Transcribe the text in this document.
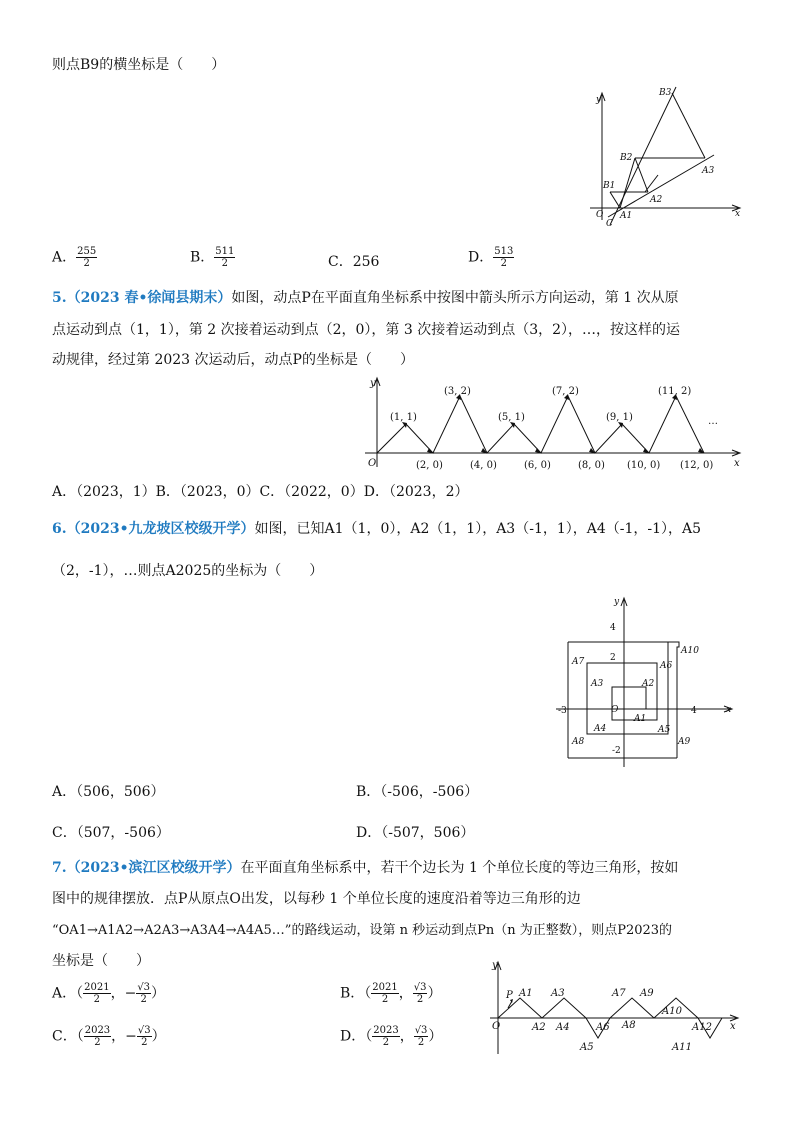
则点B9的横坐标是（　　）
y
x
O
C
B1
B2
B3
A1
A2
A3
A． $\frac{255}{2}$	B． $\frac{511}{2}$	C．256	D． $\frac{513}{2}$
5.（2023 春•徐闻县期末）如图，动点P在平面直角坐标系中按图中箭头所示方向运动，第 1 次从原
点运动到点（1，1），第 2 次接着运动到点（2，0），第 3 次接着运动到点（3，2），…，按这样的运
动规律，经过第 2023 次运动后，动点P的坐标是（　　）
y
x
O
(1, 1)
(3, 2)
(5, 1)
(7, 2)
(9, 1)
(11, 2)
(2, 0)	(4, 0)	(6, 0)	(8, 0) (10, 0) (12, 0)
…
A．（2023，1）B．（2023，0）C．（2022，0）D．（2023，2）
6.（2023•九龙坡区校级开学）如图，已知A1（1，0），A2（1，1），A3（-1，1），A4（-1，-1），A5
（2，-1），…则点A2025的坐标为（　　）
y
x
O
4
2
-3	4
-2
A1
A2
A3
A4	A5
A6
A7
A8	A9
A10
A．（506，506）	B．（-506，-506）
C．（507，-506）	D．（-507，506）
7.（2023•滨江区校级开学）在平面直角坐标系中，若干个边长为 1 个单位长度的等边三角形，按如
图中的规律摆放．点P从原点O出发，以每秒 1 个单位长度的速度沿着等边三角形的边
“OA1→A1A2→A2A3→A3A4→A4A5…”的路线运动，设第 n 秒运动到点Pn（n 为正整数），则点P2023的
坐标是（　　）
A．（ $\frac{2021}{2}$ ，− $\frac{√3}{2}$ ）	B．（ $\frac{2021}{2}$ ， $\frac{√3}{2}$ ）
C．（ $\frac{2023}{2}$ ，− $\frac{√3}{2}$ ）	D．（ $\frac{2023}{2}$ ， $\frac{√3}{2}$ ）
y
x
O
P A1
A2
A3
A4
A5
A6
A7
A8
A9
A10
A11
A12
